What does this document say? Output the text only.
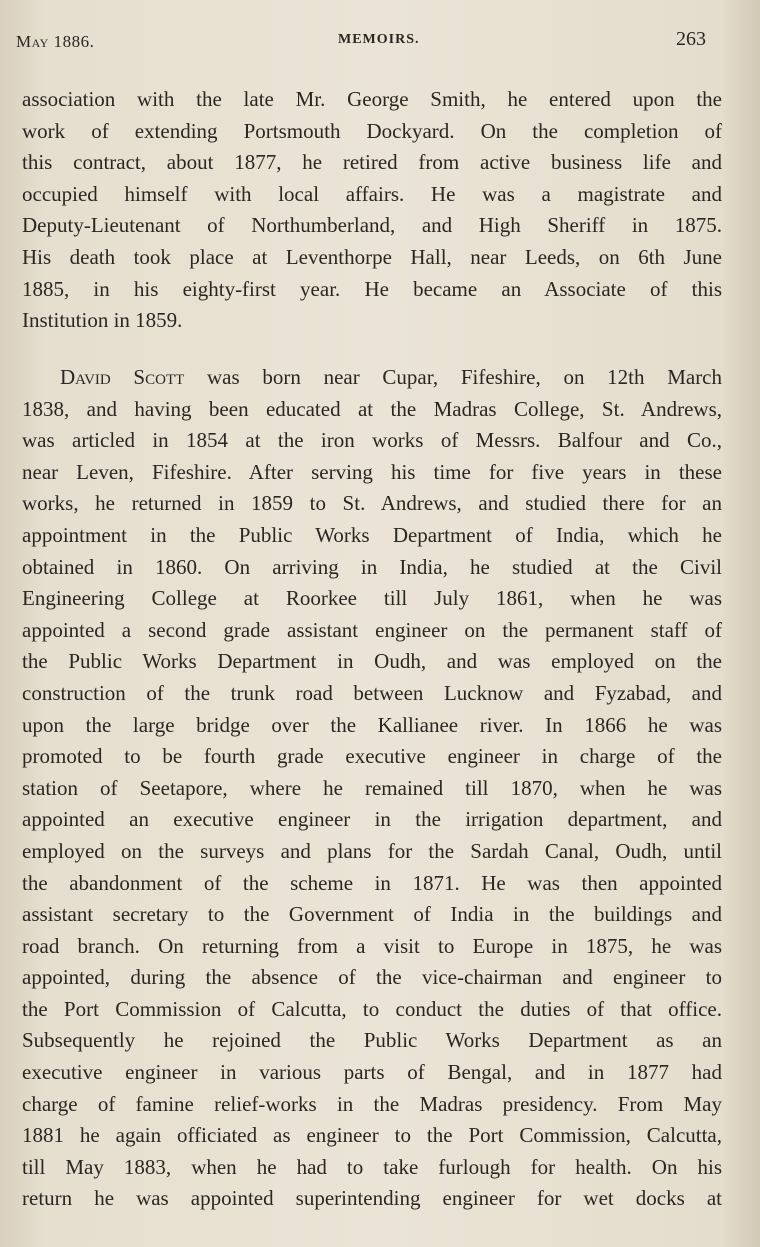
May 1886.	MEMOIRS.	263
association with the late Mr. George Smith, he entered upon the
work of extending Portsmouth Dockyard. On the completion of
this contract, about 1877, he retired from active business life and
occupied himself with local affairs. He was a magistrate and
Deputy-Lieutenant of Northumberland, and High Sheriff in 1875.
His death took place at Leventhorpe Hall, near Leeds, on 6th June
1885, in his eighty-first year. He became an Associate of this
Institution in 1859.
David Scott was born near Cupar, Fifeshire, on 12th March
1838, and having been educated at the Madras College, St. Andrews,
was articled in 1854 at the iron works of Messrs. Balfour and Co.,
near Leven, Fifeshire. After serving his time for five years in these
works, he returned in 1859 to St. Andrews, and studied there for an
appointment in the Public Works Department of India, which he
obtained in 1860. On arriving in India, he studied at the Civil
Engineering College at Roorkee till July 1861, when he was
appointed a second grade assistant engineer on the permanent staff of
the Public Works Department in Oudh, and was employed on the
construction of the trunk road between Lucknow and Fyzabad, and
upon the large bridge over the Kallianee river. In 1866 he was
promoted to be fourth grade executive engineer in charge of the
station of Seetapore, where he remained till 1870, when he was
appointed an executive engineer in the irrigation department, and
employed on the surveys and plans for the Sardah Canal, Oudh, until
the abandonment of the scheme in 1871. He was then appointed
assistant secretary to the Government of India in the buildings and
road branch. On returning from a visit to Europe in 1875, he was
appointed, during the absence of the vice-chairman and engineer to
the Port Commission of Calcutta, to conduct the duties of that office.
Subsequently he rejoined the Public Works Department as an
executive engineer in various parts of Bengal, and in 1877 had
charge of famine relief-works in the Madras presidency. From May
1881 he again officiated as engineer to the Port Commission, Calcutta,
till May 1883, when he had to take furlough for health. On his
return he was appointed superintending engineer for wet docks at
